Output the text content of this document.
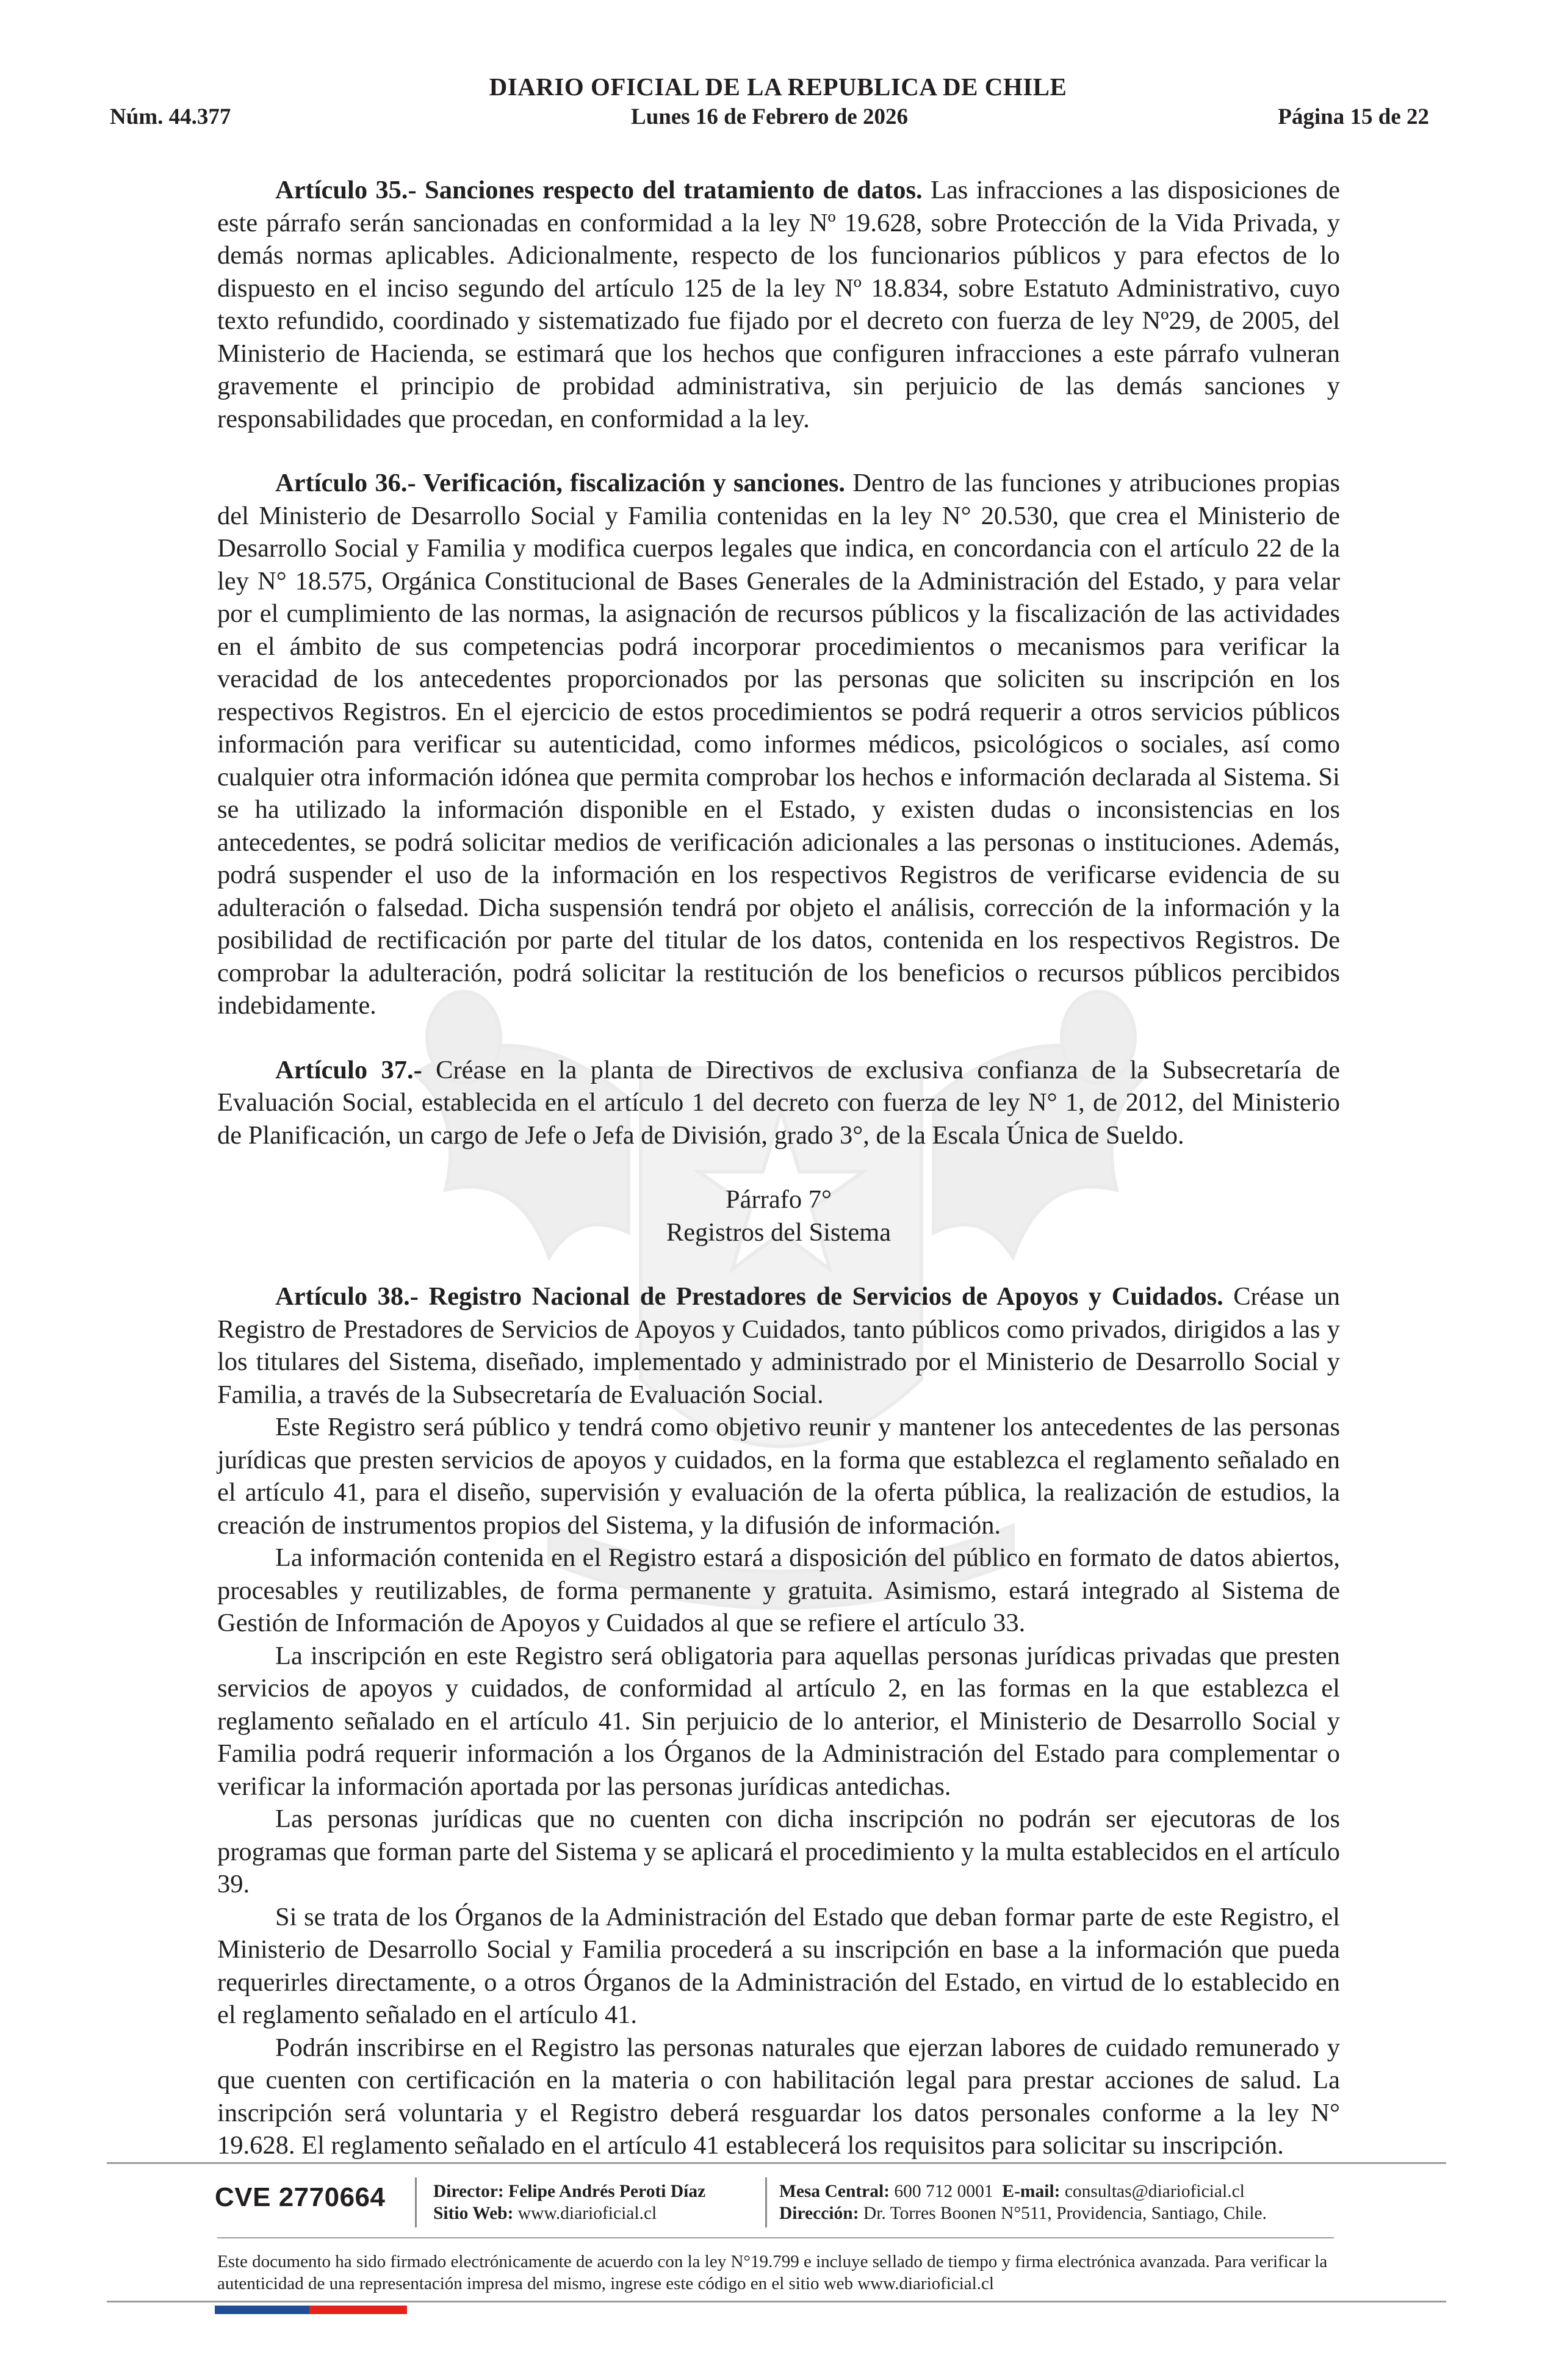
DIARIO OFICIAL DE LA REPUBLICA DE CHILE
Núm. 44.377	Lunes 16 de Febrero de 2026	Página 15 de 22

Artículo 35.- Sanciones respecto del tratamiento de datos. Las infracciones a las disposiciones de este párrafo serán sancionadas en conformidad a la ley Nº 19.628, sobre Protección de la Vida Privada, y demás normas aplicables. Adicionalmente, respecto de los funcionarios públicos y para efectos de lo dispuesto en el inciso segundo del artículo 125 de la ley Nº 18.834, sobre Estatuto Administrativo, cuyo texto refundido, coordinado y sistematizado fue fijado por el decreto con fuerza de ley Nº29, de 2005, del Ministerio de Hacienda, se estimará que los hechos que configuren infracciones a este párrafo vulneran gravemente el principio de probidad administrativa, sin perjuicio de las demás sanciones y responsabilidades que procedan, en conformidad a la ley.

Artículo 36.- Verificación, fiscalización y sanciones. Dentro de las funciones y atribuciones propias del Ministerio de Desarrollo Social y Familia contenidas en la ley N° 20.530, que crea el Ministerio de Desarrollo Social y Familia y modifica cuerpos legales que indica, en concordancia con el artículo 22 de la ley N° 18.575, Orgánica Constitucional de Bases Generales de la Administración del Estado, y para velar por el cumplimiento de las normas, la asignación de recursos públicos y la fiscalización de las actividades en el ámbito de sus competencias podrá incorporar procedimientos o mecanismos para verificar la veracidad de los antecedentes proporcionados por las personas que soliciten su inscripción en los respectivos Registros. En el ejercicio de estos procedimientos se podrá requerir a otros servicios públicos información para verificar su autenticidad, como informes médicos, psicológicos o sociales, así como cualquier otra información idónea que permita comprobar los hechos e información declarada al Sistema. Si se ha utilizado la información disponible en el Estado, y existen dudas o inconsistencias en los antecedentes, se podrá solicitar medios de verificación adicionales a las personas o instituciones. Además, podrá suspender el uso de la información en los respectivos Registros de verificarse evidencia de su adulteración o falsedad. Dicha suspensión tendrá por objeto el análisis, corrección de la información y la posibilidad de rectificación por parte del titular de los datos, contenida en los respectivos Registros. De comprobar la adulteración, podrá solicitar la restitución de los beneficios o recursos públicos percibidos indebidamente.

Artículo 37.- Créase en la planta de Directivos de exclusiva confianza de la Subsecretaría de Evaluación Social, establecida en el artículo 1 del decreto con fuerza de ley N° 1, de 2012, del Ministerio de Planificación, un cargo de Jefe o Jefa de División, grado 3°, de la Escala Única de Sueldo.

Párrafo 7°
Registros del Sistema

Artículo 38.- Registro Nacional de Prestadores de Servicios de Apoyos y Cuidados. Créase un Registro de Prestadores de Servicios de Apoyos y Cuidados, tanto públicos como privados, dirigidos a las y los titulares del Sistema, diseñado, implementado y administrado por el Ministerio de Desarrollo Social y Familia, a través de la Subsecretaría de Evaluación Social.

Este Registro será público y tendrá como objetivo reunir y mantener los antecedentes de las personas jurídicas que presten servicios de apoyos y cuidados, en la forma que establezca el reglamento señalado en el artículo 41, para el diseño, supervisión y evaluación de la oferta pública, la realización de estudios, la creación de instrumentos propios del Sistema, y la difusión de información.

La información contenida en el Registro estará a disposición del público en formato de datos abiertos, procesables y reutilizables, de forma permanente y gratuita. Asimismo, estará integrado al Sistema de Gestión de Información de Apoyos y Cuidados al que se refiere el artículo 33.

La inscripción en este Registro será obligatoria para aquellas personas jurídicas privadas que presten servicios de apoyos y cuidados, de conformidad al artículo 2, en las formas en la que establezca el reglamento señalado en el artículo 41. Sin perjuicio de lo anterior, el Ministerio de Desarrollo Social y Familia podrá requerir información a los Órganos de la Administración del Estado para complementar o verificar la información aportada por las personas jurídicas antedichas.

Las personas jurídicas que no cuenten con dicha inscripción no podrán ser ejecutoras de los programas que forman parte del Sistema y se aplicará el procedimiento y la multa establecidos en el artículo 39.

Si se trata de los Órganos de la Administración del Estado que deban formar parte de este Registro, el Ministerio de Desarrollo Social y Familia procederá a su inscripción en base a la información que pueda requerirles directamente, o a otros Órganos de la Administración del Estado, en virtud de lo establecido en el reglamento señalado en el artículo 41.

Podrán inscribirse en el Registro las personas naturales que ejerzan labores de cuidado remunerado y que cuenten con certificación en la materia o con habilitación legal para prestar acciones de salud. La inscripción será voluntaria y el Registro deberá resguardar los datos personales conforme a la ley N° 19.628. El reglamento señalado en el artículo 41 establecerá los requisitos para solicitar su inscripción.

CVE 2770664	Director: Felipe Andrés Peroti Díaz
Sitio Web: www.diarioficial.cl
Mesa Central: 600 712 0001 E-mail: consultas@diarioficial.cl
Dirección: Dr. Torres Boonen N°511, Providencia, Santiago, Chile.
Este documento ha sido firmado electrónicamente de acuerdo con la ley N°19.799 e incluye sellado de tiempo y firma electrónica avanzada. Para verificar la autenticidad de una representación impresa del mismo, ingrese este código en el sitio web www.diarioficial.cl
